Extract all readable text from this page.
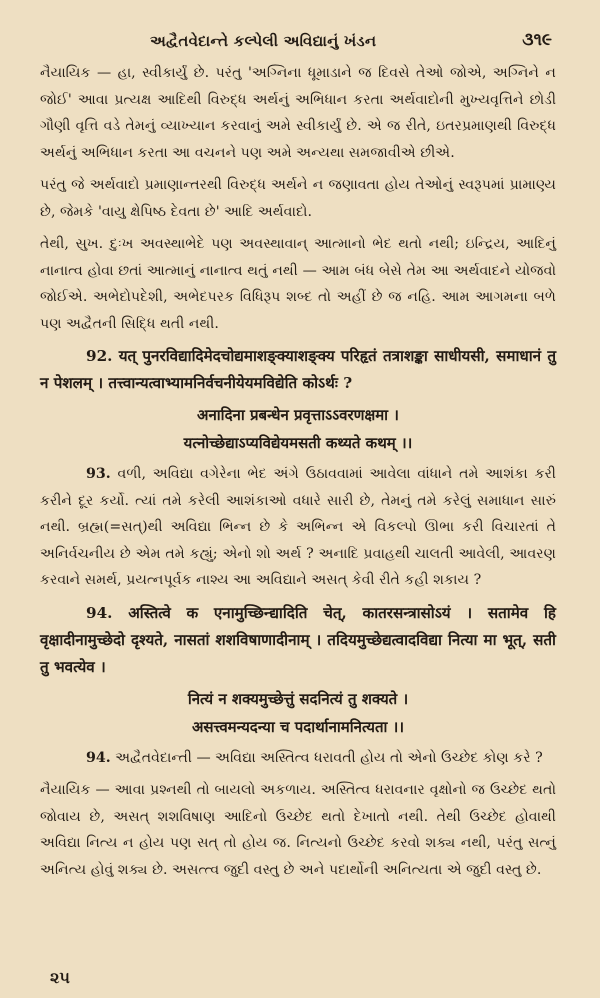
અદ્વૈતવેદાન્તે કલ્પેલી અવિદ્યાનું ખંડન	૩૧૯

નૈયાયિક — હા, સ્વીકાર્યું છે. પરંતુ 'અગ્નિના ધૂમાડાને જ દિવસે તેઓ જોએ, અગ્નિને ન જોઈ' આવા પ્રત્યક્ષ આદિથી વિરુદ્ધ અર્થનું અભિધાન કરતા અર્થવાદોની મુખ્યવૃત્તિને છોડી ગૌણી વૃત્તિ વડે તેમનું વ્યાખ્યાન કરવાનું અમે સ્વીકાર્યું છે. એ જ રીતે, ઇતરપ્રમાણથી વિરુદ્ધ અર્થનું અભિધાન કરતા આ વચનને પણ અમે અન્યથા સમજાવીએ છીએ.

પરંતુ જે અર્થવાદો પ્રમાણાન્તરથી વિરુદ્ધ અર્થને ન જણાવતા હોય તેઓનું સ્વરૂપમાં પ્રામાણ્ય છે, જેમકે 'વાયુ ક્ષેપિષ્ઠ દેવતા છે' આદિ અર્થવાદો.

તેથી, સુખ. દુઃખ અવસ્થાભેદે પણ અવસ્થાવાન્ આત્માનો ભેદ થતો નથી; ઇન્દ્રિય, આદિનું નાનાત્વ હોવા છતાં આત્માનું નાનાત્વ થતું નથી — આમ બંધ બેસે તેમ આ અર્થવાદને યોજવો જોઈએ. અભેદોપદેશી, અભેદપરક વિધિરૂપ શબ્દ તો અહીં છે જ નહિ. આમ આગમના બળે પણ અદ્વૈતની સિદ્ધિ થતી નથી.

92. यत् पुनरविद्यादिमेदचोद्यमाशङ्क्याशङ्क्य परिहृतं तत्राशङ्का साधीयसी, समाधानं तु न पेशलम् । तत्त्वान्यत्वाभ्यामनिर्वचनीयेयमविद्येति कोऽर्थः ?

अनादिना प्रबन्धेन प्रवृत्ताऽऽवरणक्षमा ।
यत्नोच्छेद्याऽप्यविद्येयमसती कथ्यते कथम् ।।

93. વળી, અવિદ્યા વગેરેના ભેદ અંગે ઉઠાવવામાં આવેલા વાંધાને તમે આશંકા કરી કરીને દૂર કર્યો. ત્યાં તમે કરેલી આશંકાઓ વધારે સારી છે, તેમનું તમે કરેલું સમાધાન સારું નથી. બ્રહ્મ(=સત્)થી અવિદ્યા ભિન્ન છે કે અભિન્ન એ વિકલ્પો ઊભા કરી વિચારતાં તે અનિર્વચનીય છે એમ તમે કહ્યું; એનો શો અર્થ ? અનાદિ પ્રવાહથી ચાલતી આવેલી, આવરણ કરવાને સમર્થ, પ્રયત્નપૂર્વક નાશ્ય આ અવિદ્યાને અસત્ કેવી રીતે કહી શકાય ?

94. अस्तित्वे क एनामुच्छिन्द्यादिति चेत्, कातरसन्त्रासोऽयं । सतामेव हि वृक्षादीनामुच्छेदो दृश्यते, नासतां शशविषाणादीनाम् । तदियमुच्छेद्यत्वादविद्या नित्या मा भूत्, सती तु भवत्येव ।

नित्यं न शक्यमुच्छेत्तुं सदनित्यं तु शक्यते ।
असत्त्वमन्यदन्या च पदार्थानामनित्यता ।।

94. અદ્વૈતવેદાન્તી — અવિદ્યા અસ્તિત્વ ધરાવતી હોય તો એનો ઉચ્છેદ કોણ કરે ?

નૈયાયિક — આવા પ્રશ્નથી તો બાયલો અકળાય. અસ્તિત્વ ધરાવનાર વૃક્ષોનો જ ઉચ્છેદ થતો જોવાય છે, અસત્ શશવિષાણ આદિનો ઉચ્છેદ થતો દેખાતો નથી. તેથી ઉચ્છેદ હોવાથી અવિદ્યા નિત્ય ન હોય પણ સત્ તો હોય જ. નિત્યનો ઉચ્છેદ કરવો શક્ય નથી, પરંતુ સત્નું અનિત્ય હોવું શક્ય છે. અસત્ત્વ જુદી વસ્તુ છે અને પદાર્થોની અનિત્યતા એ જુદી વસ્તુ છે.

૨૫
